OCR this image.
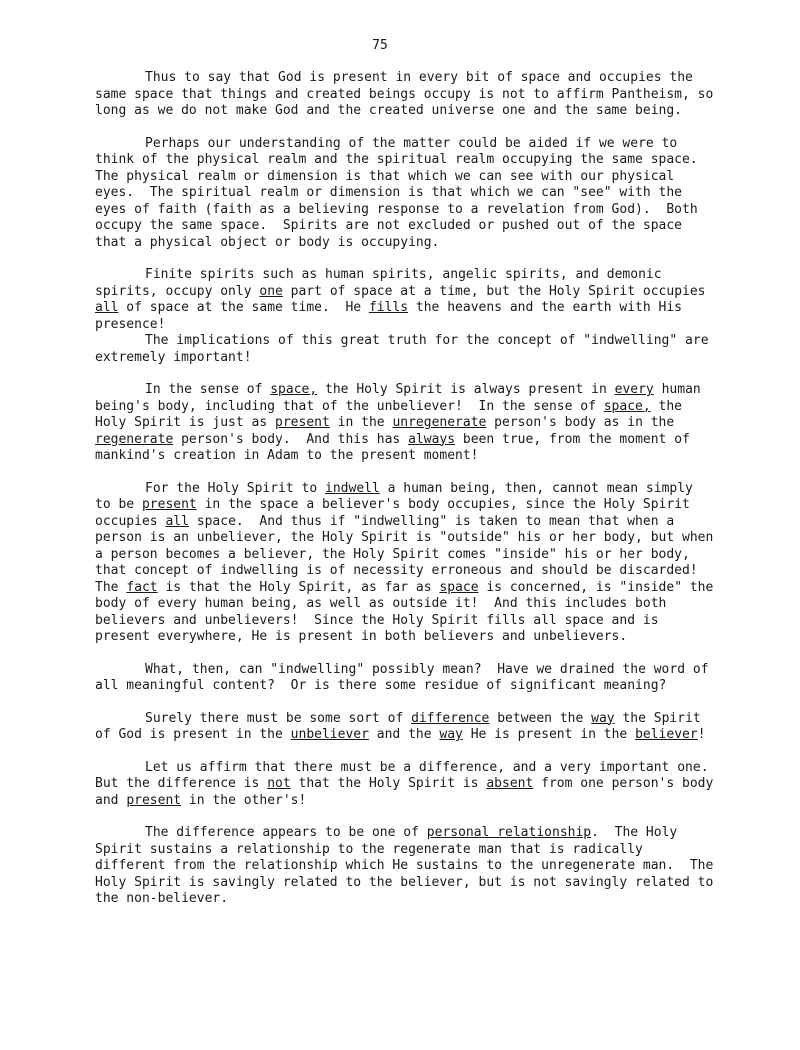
75

Thus to say that God is present in every bit of space and occupies the same space that things and created beings occupy is not to affirm Pantheism, so long as we do not make God and the created universe one and the same being.

Perhaps our understanding of the matter could be aided if we were to think of the physical realm and the spiritual realm occupying the same space.  The physical realm or dimension is that which we can see with our physical eyes.  The spiritual realm or dimension is that which we can "see" with the eyes of faith (faith as a believing response to a revelation from God).  Both occupy the same space.  Spirits are not excluded or pushed out of the space that a physical object or body is occupying.

Finite spirits such as human spirits, angelic spirits, and demonic spirits, occupy only one part of space at a time, but the Holy Spirit occupies all of space at the same time.  He fills the heavens and the earth with His presence!

The implications of this great truth for the concept of "indwelling" are extremely important!

In the sense of space, the Holy Spirit is always present in every human being's body, including that of the unbeliever!  In the sense of space, the Holy Spirit is just as present in the unregenerate person's body as in the regenerate person's body.  And this has always been true, from the moment of mankind's creation in Adam to the present moment!

For the Holy Spirit to indwell a human being, then, cannot mean simply to be present in the space a believer's body occupies, since the Holy Spirit occupies all space.  And thus if "indwelling" is taken to mean that when a person is an unbeliever, the Holy Spirit is "outside" his or her body, but when a person becomes a believer, the Holy Spirit comes "inside" his or her body, that concept of indwelling is of necessity erroneous and should be discarded!  The fact is that the Holy Spirit, as far as space is concerned, is "inside" the body of every human being, as well as outside it!  And this includes both believers and unbelievers!  Since the Holy Spirit fills all space and is present everywhere, He is present in both believers and unbelievers.

What, then, can "indwelling" possibly mean?  Have we drained the word of all meaningful content?  Or is there some residue of significant meaning?

Surely there must be some sort of difference between the way the Spirit of God is present in the unbeliever and the way He is present in the believer!

Let us affirm that there must be a difference, and a very important one.  But the difference is not that the Holy Spirit is absent from one person's body and present in the other's!

The difference appears to be one of personal relationship.  The Holy Spirit sustains a relationship to the regenerate man that is radically different from the relationship which He sustains to the unregenerate man.  The Holy Spirit is savingly related to the believer, but is not savingly related to the non-believer.
